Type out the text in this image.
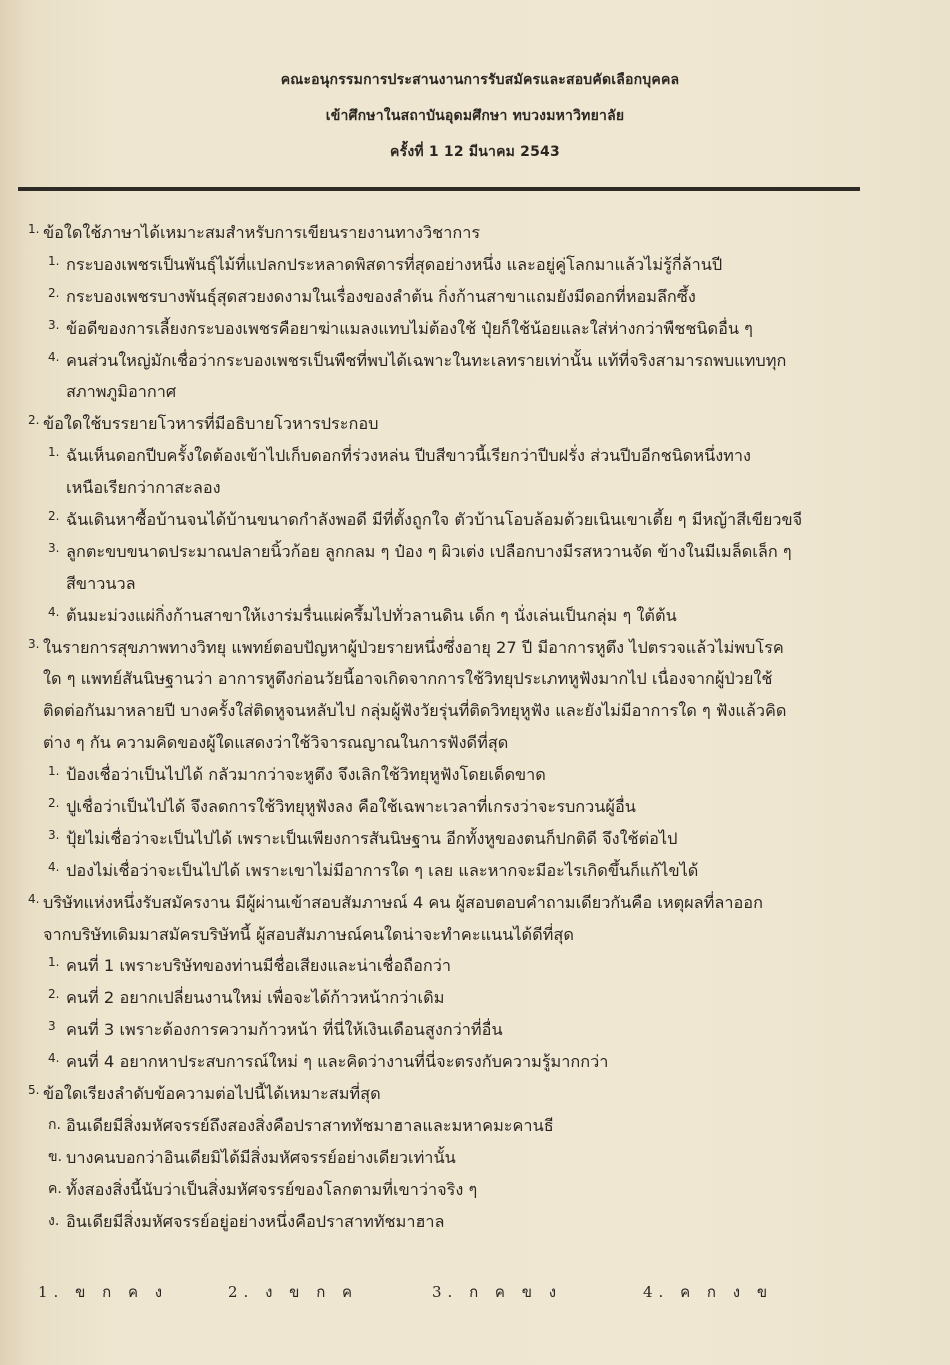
คณะอนุกรรมการประสานงานการรับสมัครและสอบคัดเลือกบุคคล
เข้าศึกษาในสถาบันอุดมศึกษา ทบวงมหาวิทยาลัย
ครั้งที่ 1 12 มีนาคม 2543
1. ข้อใดใช้ภาษาได้เหมาะสมสำหรับการเขียนรายงานทางวิชาการ
1. กระบองเพชรเป็นพันธุ์ไม้ที่แปลกประหลาดพิสดารที่สุดอย่างหนึ่ง และอยู่คู่โลกมาแล้วไม่รู้กี่ล้านปี
2. กระบองเพชรบางพันธุ์สุดสวยงดงามในเรื่องของลำต้น กิ่งก้านสาขาแถมยังมีดอกที่หอมลึกซึ้ง
3. ข้อดีของการเลี้ยงกระบองเพชรคือยาฆ่าแมลงแทบไม่ต้องใช้ ปุ๋ยก็ใช้น้อยและใส่ห่างกว่าพืชชนิดอื่น ๆ
4. คนส่วนใหญ่มักเชื่อว่ากระบองเพชรเป็นพืชที่พบได้เฉพาะในทะเลทรายเท่านั้น แท้ที่จริงสามารถพบแทบทุก
สภาพภูมิอากาศ
2. ข้อใดใช้บรรยายโวหารที่มีอธิบายโวหารประกอบ
1. ฉันเห็นดอกปีบครั้งใดต้องเข้าไปเก็บดอกที่ร่วงหล่น ปีบสีขาวนี้เรียกว่าปีบฝรั่ง ส่วนปีบอีกชนิดหนึ่งทาง
เหนือเรียกว่ากาสะลอง
2. ฉันเดินหาซื้อบ้านจนได้บ้านขนาดกำลังพอดี มีที่ตั้งถูกใจ ตัวบ้านโอบล้อมด้วยเนินเขาเตี้ย ๆ มีหญ้าสีเขียวขจี
3. ลูกตะขบขนาดประมาณปลายนิ้วก้อย ลูกกลม ๆ ป๋อง ๆ ผิวเต่ง เปลือกบางมีรสหวานจัด ข้างในมีเมล็ดเล็ก ๆ
สีขาวนวล
4. ต้นมะม่วงแผ่กิ่งก้านสาขาให้เงาร่มรื่นแผ่ครึ้มไปทั่วลานดิน เด็ก ๆ นั่งเล่นเป็นกลุ่ม ๆ ใต้ต้น
3. ในรายการสุขภาพทางวิทยุ แพทย์ตอบปัญหาผู้ป่วยรายหนึ่งซึ่งอายุ 27 ปี มีอาการหูตึง ไปตรวจแล้วไม่พบโรค
ใด ๆ แพทย์สันนิษฐานว่า อาการหูตึงก่อนวัยนี้อาจเกิดจากการใช้วิทยุประเภทหูฟังมากไป เนื่องจากผู้ป่วยใช้
ติดต่อกันมาหลายปี บางครั้งใส่ติดหูจนหลับไป กลุ่มผู้ฟังวัยรุ่นที่ติดวิทยุหูฟัง และยังไม่มีอาการใด ๆ ฟังแล้วคิด
ต่าง ๆ กัน ความคิดของผู้ใดแสดงว่าใช้วิจารณญาณในการฟังดีที่สุด
1. ป้องเชื่อว่าเป็นไปได้ กลัวมากว่าจะหูตึง จึงเลิกใช้วิทยุหูฟังโดยเด็ดขาด
2. ปูเชื่อว่าเป็นไปได้ จึงลดการใช้วิทยุหูฟังลง คือใช้เฉพาะเวลาที่เกรงว่าจะรบกวนผู้อื่น
3. ปุ้ยไม่เชื่อว่าจะเป็นไปได้ เพราะเป็นเพียงการสันนิษฐาน อีกทั้งหูของตนก็ปกติดี จึงใช้ต่อไป
4. ปองไม่เชื่อว่าจะเป็นไปได้ เพราะเขาไม่มีอาการใด ๆ เลย และหากจะมีอะไรเกิดขึ้นก็แก้ไขได้
4. บริษัทแห่งหนึ่งรับสมัครงาน มีผู้ผ่านเข้าสอบสัมภาษณ์ 4 คน ผู้สอบตอบคำถามเดียวกันคือ เหตุผลที่ลาออก
จากบริษัทเดิมมาสมัครบริษัทนี้ ผู้สอบสัมภาษณ์คนใดน่าจะทำคะแนนได้ดีที่สุด
1. คนที่ 1 เพราะบริษัทของท่านมีชื่อเสียงและน่าเชื่อถือกว่า
2. คนที่ 2 อยากเปลี่ยนงานใหม่ เพื่อจะได้ก้าวหน้ากว่าเดิม
3 คนที่ 3 เพราะต้องการความก้าวหน้า ที่นี่ให้เงินเดือนสูงกว่าที่อื่น
4. คนที่ 4 อยากหาประสบการณ์ใหม่ ๆ และคิดว่างานที่นี่จะตรงกับความรู้มากกว่า
5. ข้อใดเรียงลำดับข้อความต่อไปนี้ได้เหมาะสมที่สุด
ก. อินเดียมีสิ่งมหัศจรรย์ถึงสองสิ่งคือปราสาททัชมาฮาลและมหาคมะคานธี
ข. บางคนบอกว่าอินเดียมิได้มีสิ่งมหัศจรรย์อย่างเดียวเท่านั้น
ค. ทั้งสองสิ่งนี้นับว่าเป็นสิ่งมหัศจรรย์ของโลกตามที่เขาว่าจริง ๆ
ง. อินเดียมีสิ่งมหัศจรรย์อยู่อย่างหนึ่งคือปราสาททัชมาฮาล
1. ข ก ค ง	2. ง ข ก ค	3. ก ค ข ง	4. ค ก ง ข
